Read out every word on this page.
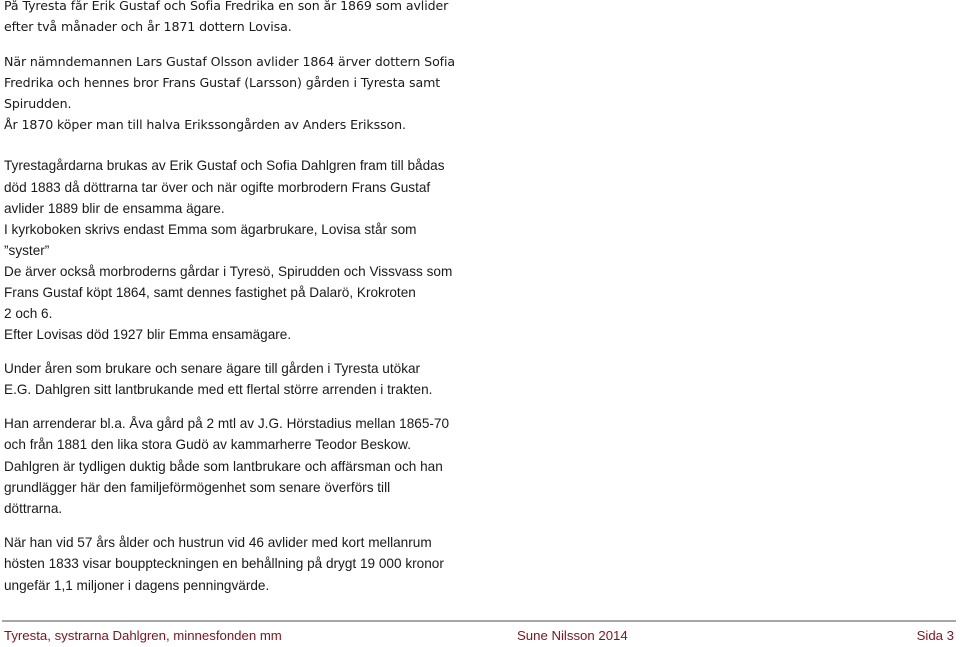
På Tyresta får Erik Gustaf och Sofia Fredrika en son år 1869 som avlider
efter två månader och år 1871 dottern Lovisa.
När nämndemannen Lars Gustaf Olsson avlider 1864 ärver dottern Sofia
Fredrika och hennes bror Frans Gustaf (Larsson) gården i Tyresta samt
Spirudden.
År 1870 köper man till halva Erikssongården av Anders Eriksson.
Tyrestagårdarna brukas av Erik Gustaf och Sofia Dahlgren fram till bådas
död 1883 då döttrarna tar över och när ogifte morbrodern Frans Gustaf
avlider 1889 blir de ensamma ägare.
I kyrkoboken skrivs endast Emma som ägarbrukare, Lovisa står som
”syster”
De ärver också morbroderns gårdar i Tyresö, Spirudden och Vissvass som
Frans Gustaf köpt 1864, samt dennes fastighet på Dalarö, Krokroten
2 och 6.
Efter Lovisas död 1927 blir Emma ensamägare.
Under åren som brukare och senare ägare till gården i Tyresta utökar
E.G. Dahlgren sitt lantbrukande med ett flertal större arrenden i trakten.
Han arrenderar bl.a. Åva gård på 2 mtl av J.G. Hörstadius mellan 1865-70
och från 1881 den lika stora Gudö av kammarherre Teodor Beskow.
Dahlgren är tydligen duktig både som lantbrukare och affärsman och han
grundlägger här den familjeförmögenhet som senare överförs till
döttrarna.
När han vid 57 års ålder och hustrun vid 46 avlider med kort mellanrum
hösten 1833 visar bouppteckningen en behållning på drygt 19 000 kronor
ungefär 1,1 miljoner i dagens penningvärde.
Tyresta, systrarna Dahlgren, minnesfonden mm	Sune Nilsson 2014	Sida 3
